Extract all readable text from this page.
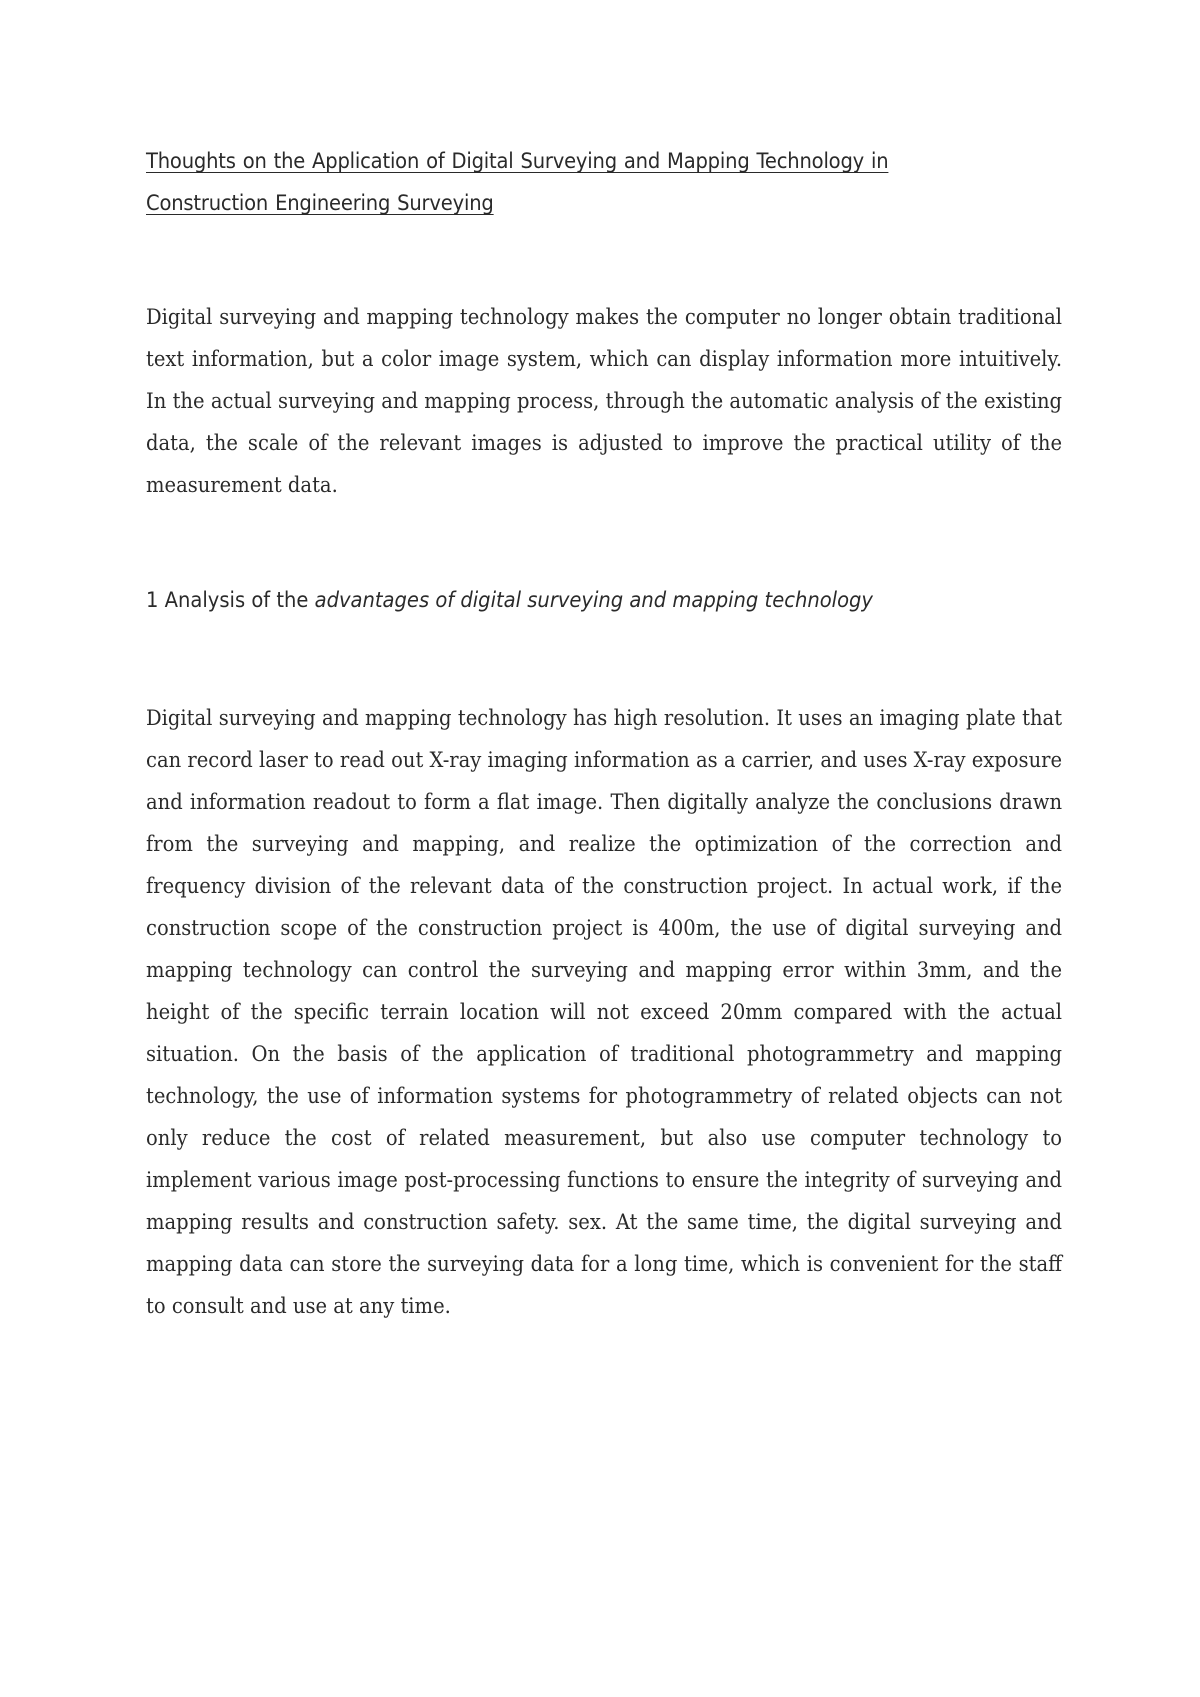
Thoughts on the Application of Digital Surveying and Mapping Technology in Construction Engineering Surveying

Digital surveying and mapping technology makes the computer no longer obtain traditional text information, but a color image system, which can display information more intuitively. In the actual surveying and mapping process, through the automatic analysis of the existing data, the scale of the relevant images is adjusted to improve the practical utility of the measurement data.

1 Analysis of the advantages of digital surveying and mapping technology

Digital surveying and mapping technology has high resolution. It uses an imaging plate that can record laser to read out X-ray imaging information as a carrier, and uses X-ray exposure and information readout to form a flat image. Then digitally analyze the conclusions drawn from the surveying and mapping, and realize the optimization of the correction and frequency division of the relevant data of the construction project. In actual work, if the construction scope of the construction project is 400m, the use of digital surveying and mapping technology can control the surveying and mapping error within 3mm, and the height of the specific terrain location will not exceed 20mm compared with the actual situation. On the basis of the application of traditional photogrammetry and mapping technology, the use of information systems for photogrammetry of related objects can not only reduce the cost of related measurement, but also use computer technology to implement various image post-processing functions to ensure the integrity of surveying and mapping results and construction safety. sex. At the same time, the digital surveying and mapping data can store the surveying data for a long time, which is convenient for the staff to consult and use at any time.
